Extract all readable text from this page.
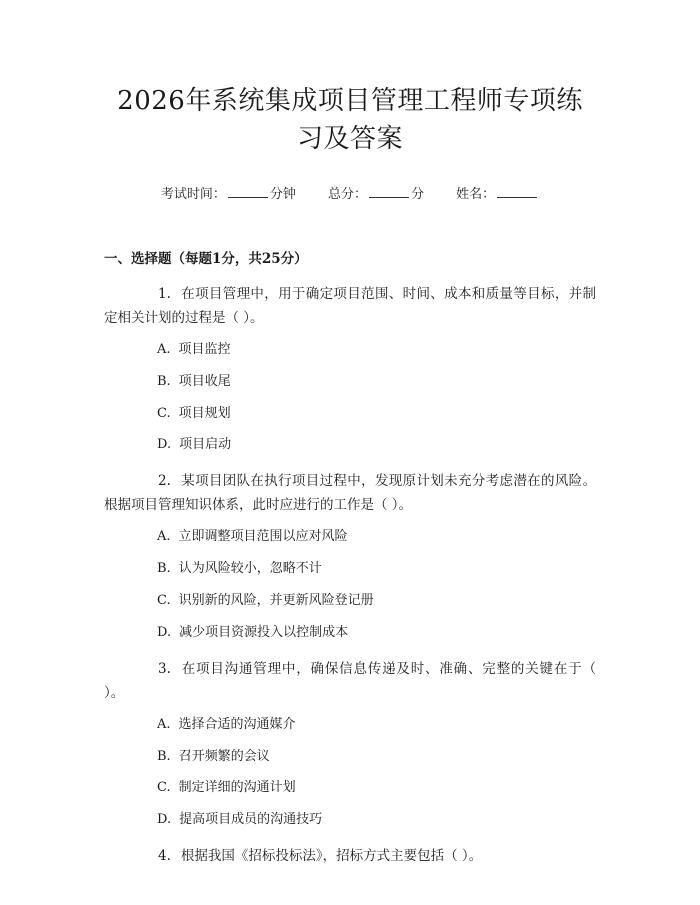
2026年系统集成项目管理工程师专项练习及答案
考试时间：	分钟 总分：	分 姓名：
一、选择题（每题1分，共25分）
1. 在项目管理中，用于确定项目范围、时间、成本和质量等目标，并制定相关计划的过程是（ ）。
A. 项目监控
B. 项目收尾
C. 项目规划
D. 项目启动
2. 某项目团队在执行项目过程中，发现原计划未充分考虑潜在的风险。根据项目管理知识体系，此时应进行的工作是（ ）。
A. 立即调整项目范围以应对风险
B. 认为风险较小，忽略不计
C. 识别新的风险，并更新风险登记册
D. 减少项目资源投入以控制成本
3. 在项目沟通管理中，确保信息传递及时、准确、完整的关键在于（ ）。
A. 选择合适的沟通媒介
B. 召开频繁的会议
C. 制定详细的沟通计划
D. 提高项目成员的沟通技巧
4. 根据我国《招标投标法》，招标方式主要包括（ ）。
